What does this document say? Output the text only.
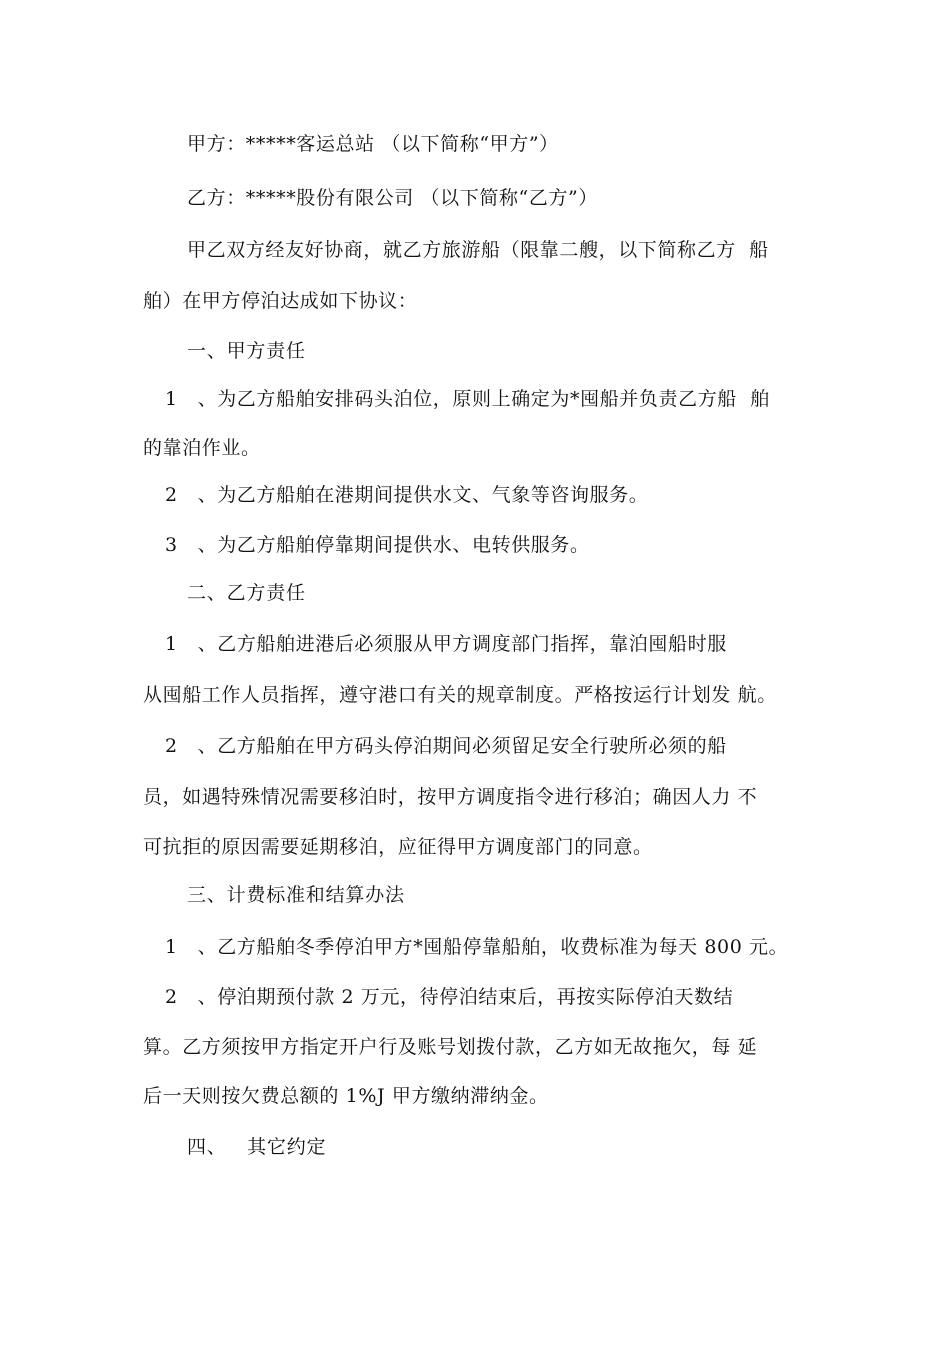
甲方：*****客运总站 （以下简称“甲方”）
乙方：*****股份有限公司 （以下简称“乙方”）
甲乙双方经友好协商，就乙方旅游船（限靠二艘，以下简称乙方  船
舶）在甲方停泊达成如下协议：
一、甲方责任
1   、为乙方船舶安排码头泊位，原则上确定为*囤船并负责乙方船  舶
的靠泊作业。
2   、为乙方船舶在港期间提供水文、气象等咨询服务。
3   、为乙方船舶停靠期间提供水、电转供服务。
二、乙方责任
1   、乙方船舶进港后必须服从甲方调度部门指挥，靠泊囤船时服
从囤船工作人员指挥，遵守港口有关的规章制度。严格按运行计划发 航。
2   、乙方船舶在甲方码头停泊期间必须留足安全行驶所必须的船
员，如遇特殊情况需要移泊时，按甲方调度指令进行移泊；确因人力 不
可抗拒的原因需要延期移泊，应征得甲方调度部门的同意。
三、计费标准和结算办法
1   、乙方船舶冬季停泊甲方*囤船停靠船舶，收费标准为每天 800 元。
2   、停泊期预付款 2 万元，待停泊结束后，再按实际停泊天数结
算。乙方须按甲方指定开户行及账号划拨付款，乙方如无故拖欠，每 延
后一天则按欠费总额的 1%J 甲方缴纳滞纳金。
四、   其它约定
